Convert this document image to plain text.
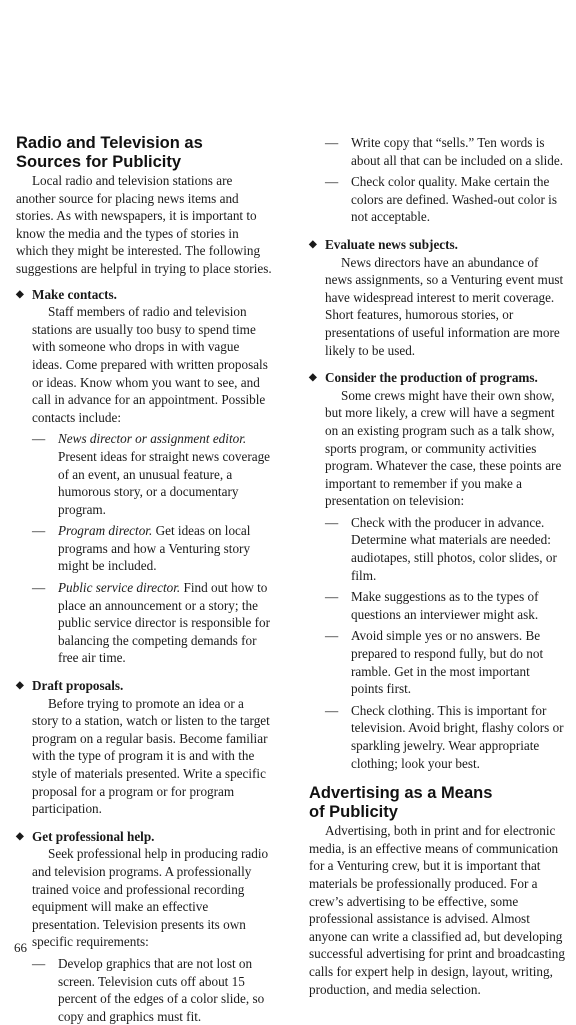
Radio and Television as
Sources for Publicity

Local radio and television stations are another source for placing news items and stories. As with newspapers, it is important to know the media and the types of stories in which they might be interested. The following suggestions are helpful in trying to place stories.

◆ Make contacts.

Staff members of radio and television stations are usually too busy to spend time with someone who drops in with vague ideas. Come prepared with written proposals or ideas. Know whom you want to see, and call in advance for an appointment. Possible contacts include:

— News director or assignment editor. Present ideas for straight news coverage of an event, an unusual feature, a humorous story, or a documentary program.
— Program director. Get ideas on local programs and how a Venturing story might be included.
— Public service director. Find out how to place an announcement or a story; the public service director is responsible for balancing the competing demands for free air time.
◆ Draft proposals.

Before trying to promote an idea or a story to a station, watch or listen to the target program on a regular basis. Become familiar with the type of program it is and with the style of materials presented. Write a specific proposal for a program or for program participation.

◆ Get professional help.

Seek professional help in producing radio and television programs. A professionally trained voice and professional recording equipment will make an effective presentation. Television presents its own specific requirements:

— Develop graphics that are not lost on screen. Television cuts off about 15 percent of the edges of a color slide, so copy and graphics must fit.
— Write copy that “sells.” Ten words is about all that can be included on a slide.
— Check color quality. Make certain the colors are defined. Washed-out color is not acceptable.
◆ Evaluate news subjects.

News directors have an abundance of news assignments, so a Venturing event must have widespread interest to merit coverage. Short features, humorous stories, or presentations of useful information are more likely to be used.

◆ Consider the production of programs.

Some crews might have their own show, but more likely, a crew will have a segment on an existing program such as a talk show, sports program, or community activities program. Whatever the case, these points are important to remember if you make a presentation on television:

— Check with the producer in advance. Determine what materials are needed: audiotapes, still photos, color slides, or film.
— Make suggestions as to the types of questions an interviewer might ask.
— Avoid simple yes or no answers. Be prepared to respond fully, but do not ramble. Get in the most important points first.
— Check clothing. This is important for television. Avoid bright, flashy colors or sparkling jewelry. Wear appropriate clothing; look your best.
Advertising as a Means
of Publicity

Advertising, both in print and for electronic media, is an effective means of communication for a Venturing crew, but it is important that materials be professionally produced. For a crew’s advertising to be effective, some professional assistance is advised. Almost anyone can write a classified ad, but developing successful advertising for print and broadcasting calls for expert help in design, layout, writing, production, and media selection.

66
